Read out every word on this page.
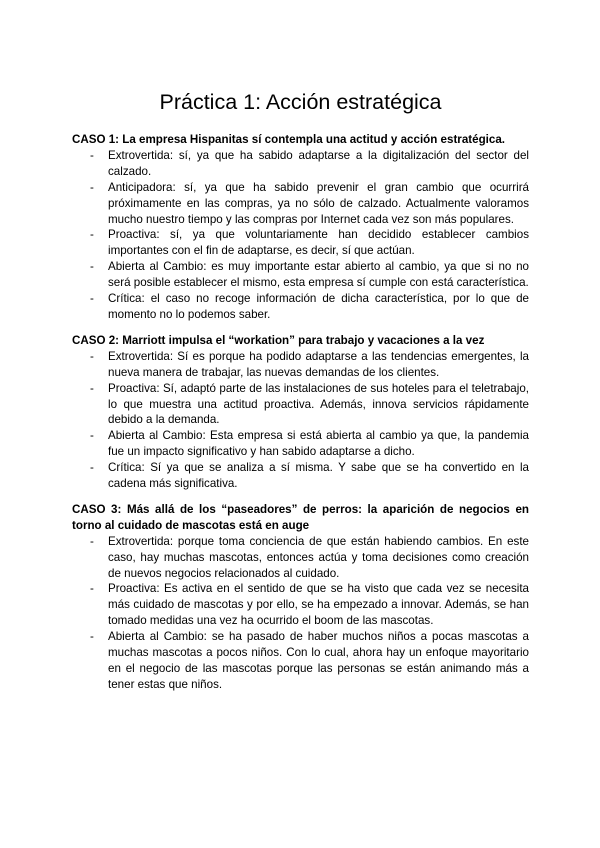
Práctica 1: Acción estratégica

CASO 1: La empresa Hispanitas sí contempla una actitud y acción estratégica.

- Extrovertida: sí, ya que ha sabido adaptarse a la digitalización del sector del calzado.
- Anticipadora: sí, ya que ha sabido prevenir el gran cambio que ocurrirá próximamente en las compras, ya no sólo de calzado. Actualmente valoramos mucho nuestro tiempo y las compras por Internet cada vez son más populares.
- Proactiva: sí, ya que voluntariamente han decidido establecer cambios importantes con el fin de adaptarse, es decir, sí que actúan.
- Abierta al Cambio: es muy importante estar abierto al cambio, ya que si no no será posible establecer el mismo, esta empresa sí cumple con está característica.
- Crítica: el caso no recoge información de dicha característica, por lo que de momento no lo podemos saber.

CASO 2: Marriott impulsa el “workation” para trabajo y vacaciones a la vez

- Extrovertida: Sí es porque ha podido adaptarse a las tendencias emergentes, la nueva manera de trabajar, las nuevas demandas de los clientes.
- Proactiva: Sí, adaptó parte de las instalaciones de sus hoteles para el teletrabajo, lo que muestra una actitud proactiva. Además, innova servicios rápidamente debido a la demanda.
- Abierta al Cambio: Esta empresa si está abierta al cambio ya que, la pandemia fue un impacto significativo y han sabido adaptarse a dicho.
- Crítica: Sí ya que se analiza a sí misma. Y sabe que se ha convertido en la cadena más significativa.

CASO 3: Más allá de los “paseadores” de perros: la aparición de negocios en torno al cuidado de mascotas está en auge

- Extrovertida: porque toma conciencia de que están habiendo cambios. En este caso, hay muchas mascotas, entonces actúa y toma decisiones como creación de nuevos negocios relacionados al cuidado.
- Proactiva: Es activa en el sentido de que se ha visto que cada vez se necesita más cuidado de mascotas y por ello, se ha empezado a innovar. Además, se han tomado medidas una vez ha ocurrido el boom de las mascotas.
- Abierta al Cambio: se ha pasado de haber muchos niños a pocas mascotas a muchas mascotas a pocos niños. Con lo cual, ahora hay un enfoque mayoritario en el negocio de las mascotas porque las personas se están animando más a tener estas que niños.
